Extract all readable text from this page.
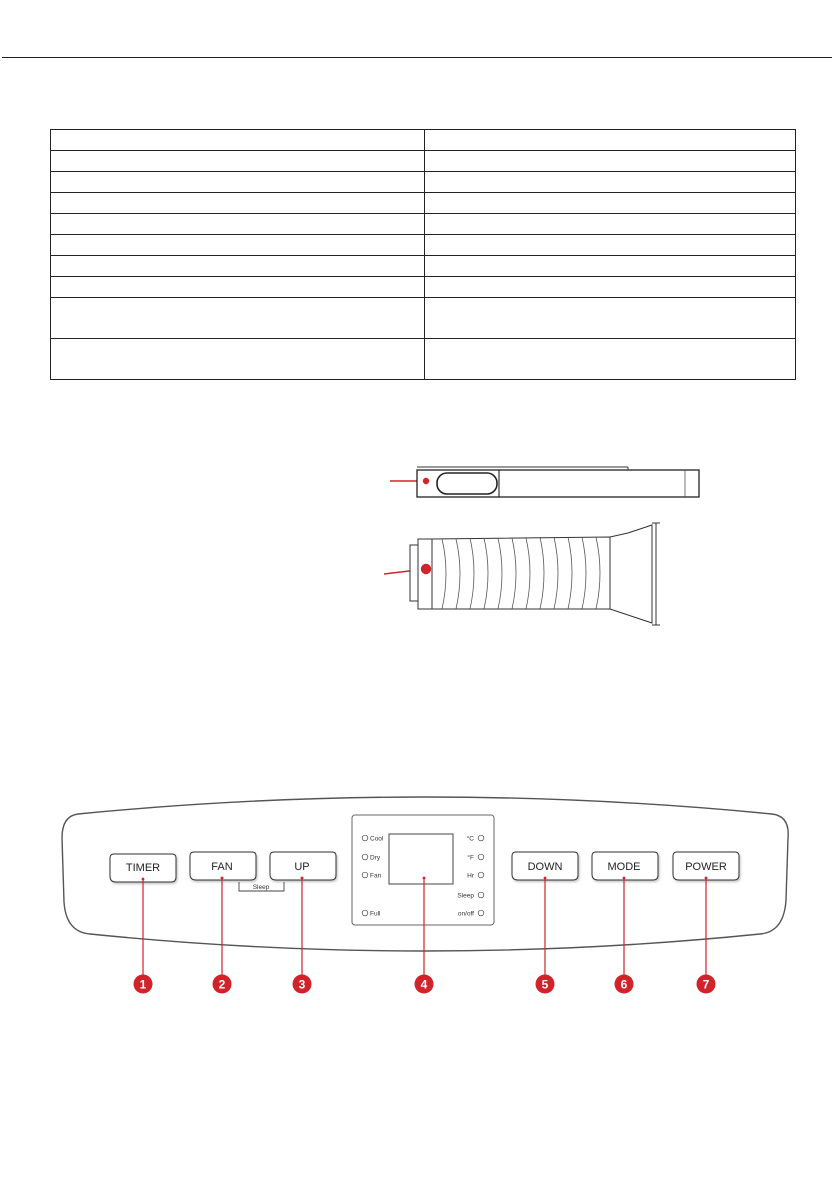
TIMER	FAN	UP
Sleep
DOWN	MODE	POWER
Cool
Dry
Fan
Full
°C
°F
Hr
Sleep
on/off
1	2	3	4	5	6	7
